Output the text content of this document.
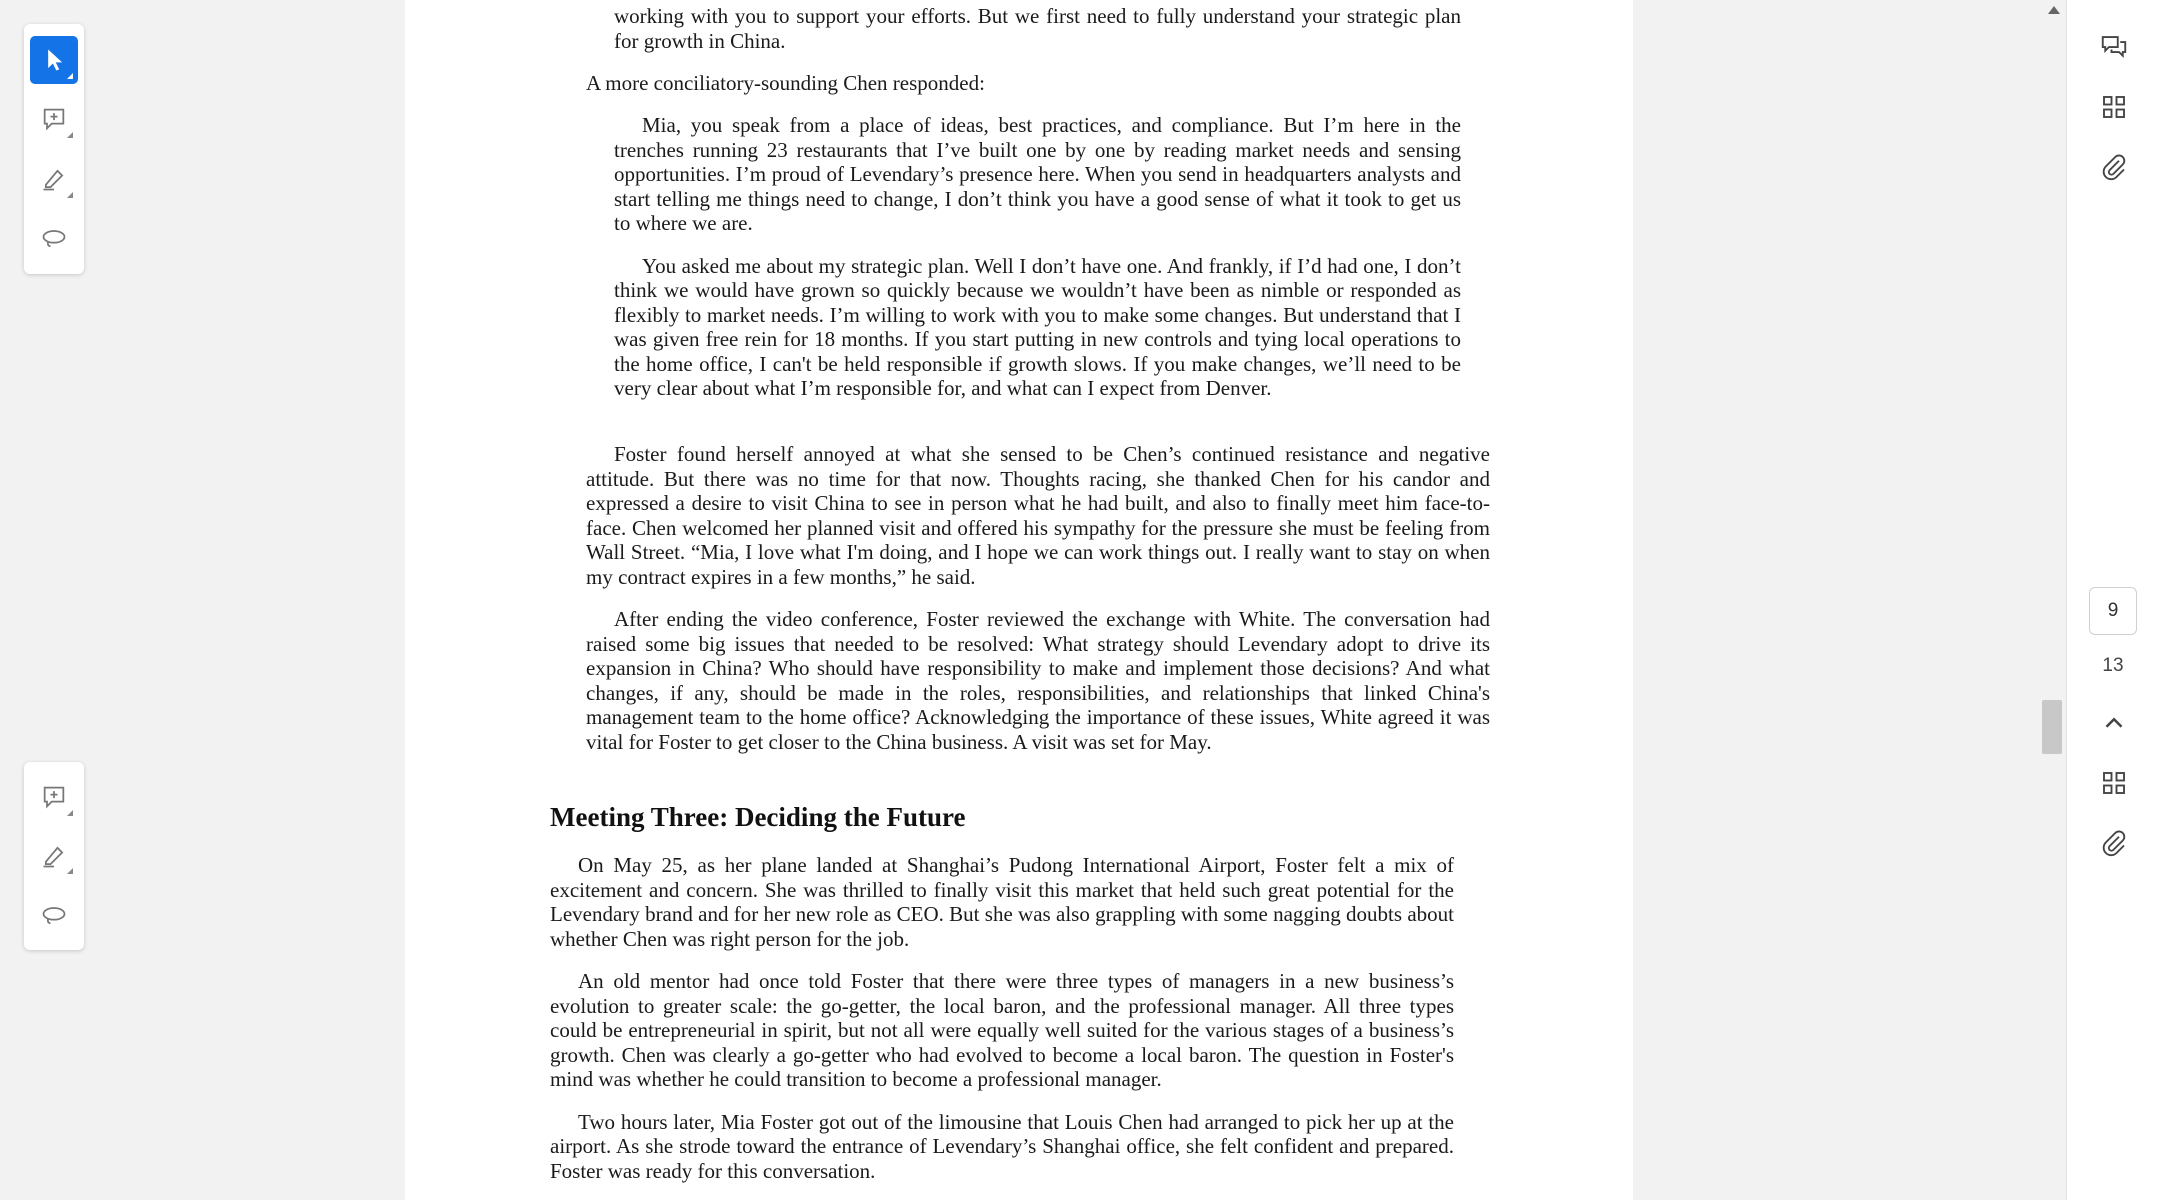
working with you to support your efforts. But we first need to fully understand your strategic plan for growth in China.

A more conciliatory-sounding Chen responded:

Mia, you speak from a place of ideas, best practices, and compliance. But I’m here in the trenches running 23 restaurants that I’ve built one by one by reading market needs and sensing opportunities. I’m proud of Levendary’s presence here. When you send in headquarters analysts and start telling me things need to change, I don’t think you have a good sense of what it took to get us to where we are.

You asked me about my strategic plan. Well I don’t have one. And frankly, if I’d had one, I don’t think we would have grown so quickly because we wouldn’t have been as nimble or responded as flexibly to market needs. I’m willing to work with you to make some changes. But understand that I was given free rein for 18 months. If you start putting in new controls and tying local operations to the home office, I can't be held responsible if growth slows. If you make changes, we’ll need to be very clear about what I’m responsible for, and what can I expect from Denver.

Foster found herself annoyed at what she sensed to be Chen’s continued resistance and negative attitude. But there was no time for that now. Thoughts racing, she thanked Chen for his candor and expressed a desire to visit China to see in person what he had built, and also to finally meet him face-to-face. Chen welcomed her planned visit and offered his sympathy for the pressure she must be feeling from Wall Street. “Mia, I love what I'm doing, and I hope we can work things out. I really want to stay on when my contract expires in a few months,” he said.

After ending the video conference, Foster reviewed the exchange with White. The conversation had raised some big issues that needed to be resolved: What strategy should Levendary adopt to drive its expansion in China? Who should have responsibility to make and implement those decisions? And what changes, if any, should be made in the roles, responsibilities, and relationships that linked China's management team to the home office? Acknowledging the importance of these issues, White agreed it was vital for Foster to get closer to the China business. A visit was set for May.

Meeting Three: Deciding the Future

On May 25, as her plane landed at Shanghai’s Pudong International Airport, Foster felt a mix of excitement and concern. She was thrilled to finally visit this market that held such great potential for the Levendary brand and for her new role as CEO. But she was also grappling with some nagging doubts about whether Chen was right person for the job.

An old mentor had once told Foster that there were three types of managers in a new business’s evolution to greater scale: the go-getter, the local baron, and the professional manager. All three types could be entrepreneurial in spirit, but not all were equally well suited for the various stages of a business’s growth. Chen was clearly a go-getter who had evolved to become a local baron. The question in Foster's mind was whether he could transition to become a professional manager.

Two hours later, Mia Foster got out of the limousine that Louis Chen had arranged to pick her up at the airport. As she strode toward the entrance of Levendary’s Shanghai office, she felt confident and prepared. Foster was ready for this conversation.

9
13
